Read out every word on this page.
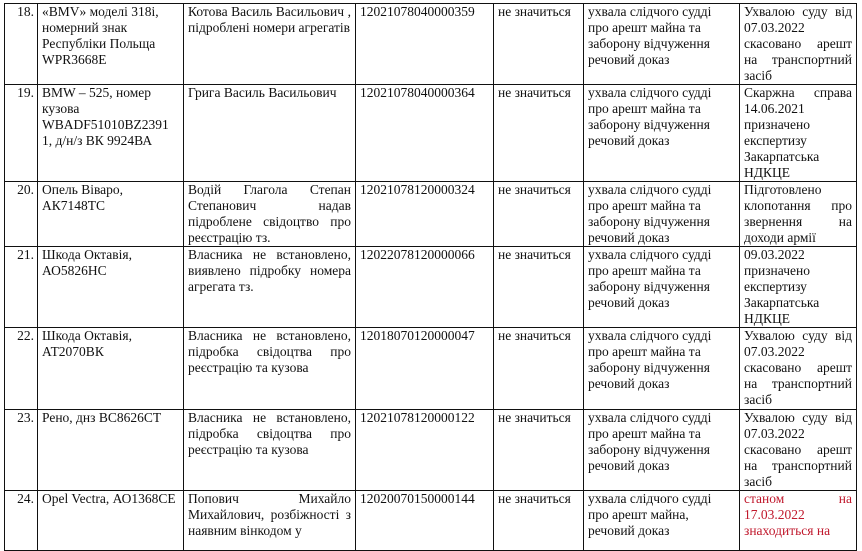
18.	«BMV» моделі 318i, номерний знак Республіки Польща WPR3668E	Котова Василь Васильович , підроблені номери агрегатів	12021078040000359	не значиться	ухвала слідчого судді про арешт майна та заборону відчуження речовий доказ	Ухвалою суду від 07.03.2022 скасовано арешт на транспортний засіб
19.	BMW – 525, номер кузова WBADF51010BZ2391 1, д/н/з ВК 9924ВА	Грига Василь Васильович	12021078040000364	не значиться	ухвала слідчого судді про арешт майна та заборону відчуження речовий доказ	Скаржна справа 14.06.2021 призначено експертизу Закарпатська НДКЦЕ
20.	Опель Віваро, АК7148ТС	Водій Глагола Степан Степанович надав підроблене свідоцтво про реєстрацію тз.	12021078120000324	не значиться	ухвала слідчого судді про арешт майна та заборону відчуження речовий доказ	Підготовлено клопотання про звернення на доходи армії
21.	Шкода Октавія, АО5826НС	Власника не встановлено, виявлено підробку номера агрегата тз.	12022078120000066	не значиться	ухвала слідчого судді про арешт майна та заборону відчуження речовий доказ	09.03.2022 призначено експертизу Закарпатська НДКЦЕ
22.	Шкода Октавія, АТ2070ВК	Власника не встановлено, підробка свідоцтва про реєстрацію та кузова	12018070120000047	не значиться	ухвала слідчого судді про арешт майна та заборону відчуження речовий доказ	Ухвалою суду від 07.03.2022 скасовано арешт на транспортний засіб
23.	Рено, днз ВС8626СТ	Власника не встановлено, підробка свідоцтва про реєстрацію та кузова	12021078120000122	не значиться	ухвала слідчого судді про арешт майна та заборону відчуження речовий доказ	Ухвалою суду від 07.03.2022 скасовано арешт на транспортний засіб
24.	Opel Vectra, АО1368СЕ	Попович Михайло Михайлович, розбіжності з наявним вінкодом у	12020070150000144	не значиться	ухвала слідчого судді про арешт майна, речовий доказ	станом на 17.03.2022 знаходиться на
